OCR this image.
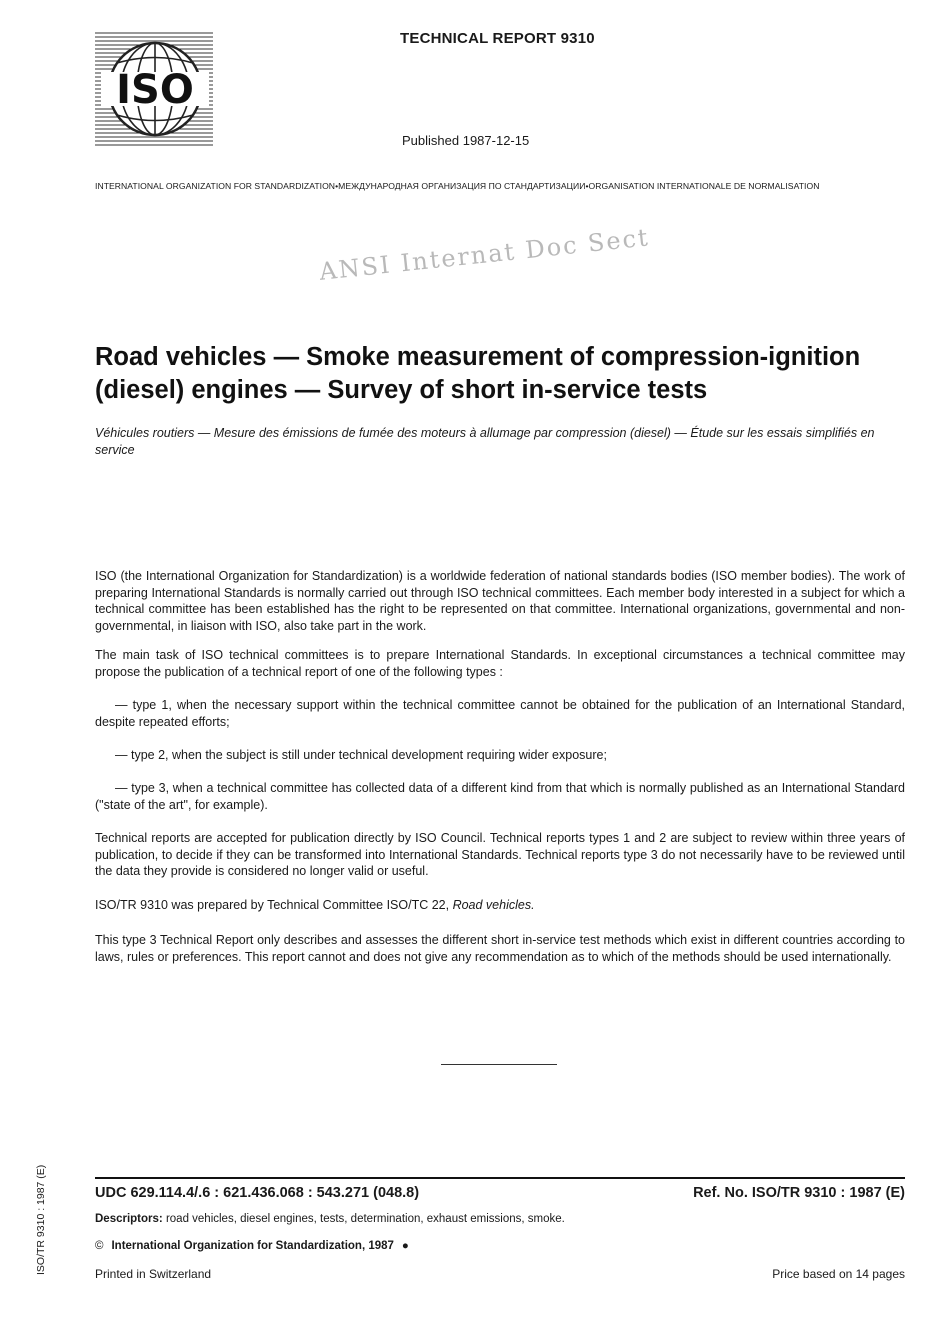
ISO
TECHNICAL REPORT 9310
Published 1987-12-15
INTERNATIONAL ORGANIZATION FOR STANDARDIZATION•МЕЖДУНАРОДНАЯ ОРГАНИЗАЦИЯ ПО СТАНДАРТИЗАЦИИ•ORGANISATION INTERNATIONALE DE NORMALISATION
ANSI Internat Doc Sect
Road vehicles — Smoke measurement of compression-ignition (diesel) engines — Survey of short in-service tests
Véhicules routiers — Mesure des émissions de fumée des moteurs à allumage par compression (diesel) — Étude sur les essais simplifiés en service
ISO (the International Organization for Standardization) is a worldwide federation of national standards bodies (ISO member bodies). The work of preparing International Standards is normally carried out through ISO technical committees. Each member body interested in a subject for which a technical committee has been established has the right to be represented on that committee. International organizations, governmental and non-governmental, in liaison with ISO, also take part in the work.
The main task of ISO technical committees is to prepare International Standards. In exceptional circumstances a technical committee may propose the publication of a technical report of one of the following types :
— type 1, when the necessary support within the technical committee cannot be obtained for the publication of an International Standard, despite repeated efforts;
— type 2, when the subject is still under technical development requiring wider exposure;
— type 3, when a technical committee has collected data of a different kind from that which is normally published as an International Standard ("state of the art", for example).
Technical reports are accepted for publication directly by ISO Council. Technical reports types 1 and 2 are subject to review within three years of publication, to decide if they can be transformed into International Standards. Technical reports type 3 do not necessarily have to be reviewed until the data they provide is considered no longer valid or useful.
ISO/TR 9310 was prepared by Technical Committee ISO/TC 22, Road vehicles.
This type 3 Technical Report only describes and assesses the different short in-service test methods which exist in different countries according to laws, rules or preferences. This report cannot and does not give any recommendation as to which of the methods should be used internationally.
UDC 629.114.4/.6 : 621.436.068 : 543.271 (048.8)	Ref. No. ISO/TR 9310 : 1987 (E)
Descriptors: road vehicles, diesel engines, tests, determination, exhaust emissions, smoke.
© International Organization for Standardization, 1987 ●
Printed in Switzerland	Price based on 14 pages
ISO/TR 9310 : 1987 (E)
